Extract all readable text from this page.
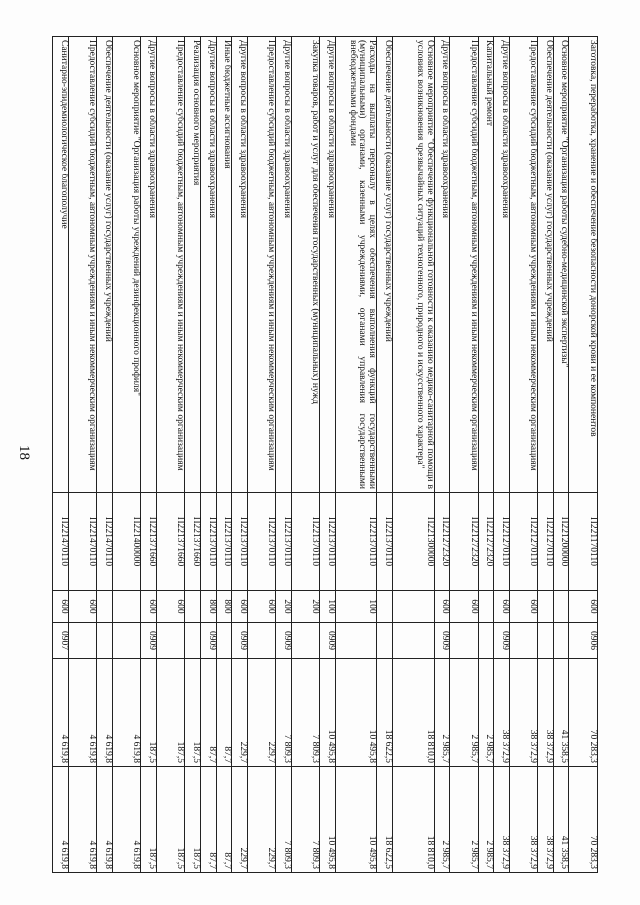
18
Заготовка, переработка, хранение и обеспечение безопасности донорской крови и ее компонентов	П221170110	600	0906	70 283,3	70 283,3
Основное мероприятие "Организация работы судебно-медицинской экспертизы"	П221200000			41 358,5	41 358,5
Обеспечение деятельности (оказание услуг) государственных учреждений	П221270110			38 372,9	38 372,9
Предоставление субсидий бюджетным, автономным учреждениям и иным некоммерческим организациям	П221270110	600		38 372,9	38 372,9
Другие вопросы в области здравоохранения	П221270110	600	0909	38 372,9	38 372,9
Капитальный ремонт	П221272320			2 985,7	2 985,7
Предоставление субсидий бюджетным, автономным учреждениям и иным некоммерческим организациям	П221272320	600		2 985,7	2 985,7
Другие вопросы в области здравоохранения	П221272320	600	0909	2 985,7	2 985,7
Основное мероприятие "Обеспечение функциональной готовности к оказанию медико-санитарной помощи в условиях возникновения чрезвычайных ситуаций техногенного, природного и искусственного характера"	П221300000			18 810,0	18 810,0
Обеспечение деятельности (оказание услуг) государственных учреждений	П221370110			18 622,5	18 622,5
Расходы на выплаты персоналу в целях обеспечения выполнения функций государственными (муниципальными) органами, казенными учреждениями, органами управления государственными внебюджетными фондами	П221370110	100		10 495,8	10 495,8
Другие вопросы в области здравоохранения	П221370110	100	0909	10 495,8	10 495,8
Закупка товаров, работ и услуг для обеспечения государственных (муниципальных) нужд	П221370110	200		7 809,3	7 809,3
Другие вопросы в области здравоохранения	П221370110	200	0909	7 809,3	7 809,3
Предоставление субсидий бюджетным, автономным учреждениям и иным некоммерческим организациям	П221370110	600		229,7	229,7
Другие вопросы в области здравоохранения	П221370110	600	0909	229,7	229,7
Иные бюджетные ассигнования	П221370110	800		87,7	87,7
Другие вопросы в области здравоохранения	П221370110	800	0909	87,7	87,7
Реализация основного мероприятия	П221371660			187,5	187,5
Предоставление субсидий бюджетным, автономным учреждениям и иным некоммерческим организациям	П221371660	600		187,5	187,5
Другие вопросы в области здравоохранения	П221371660	600	0909	187,5	187,5
Основное мероприятие "Организация работы учреждений дезинфекционного профиля"	П221400000			4 619,8	4 619,8
Обеспечение деятельности (оказание услуг) государственных учреждений	П221470110			4 619,8	4 619,8
Предоставление субсидий бюджетным, автономным учреждениям и иным некоммерческим организациям	П221470110	600		4 619,8	4 619,8
Санитарно-эпидемиологическое благополучие	П221470110	600	0907	4 619,8	4 619,8
